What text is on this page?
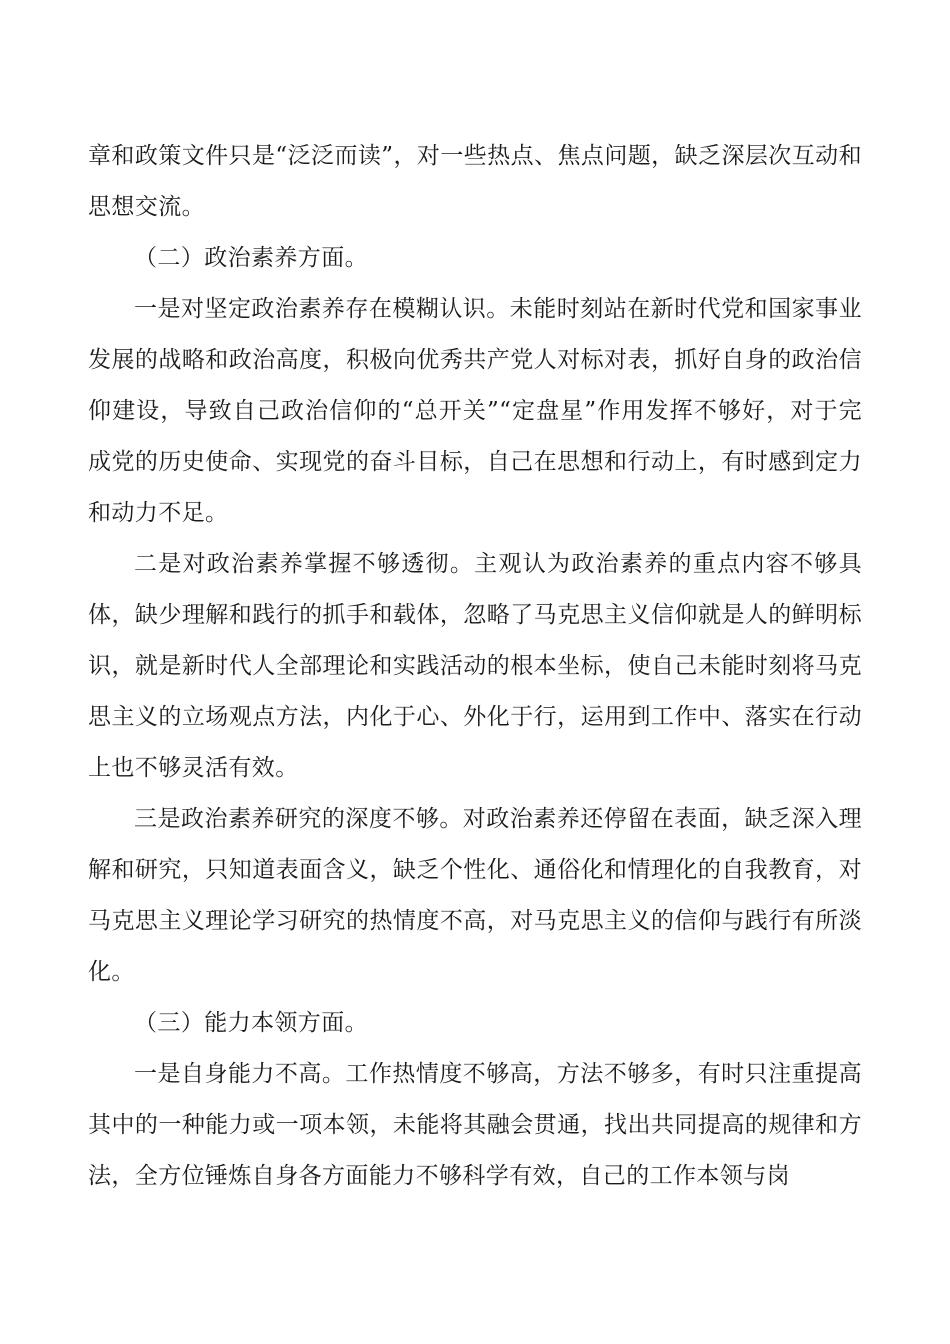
章和政策文件只是“泛泛而读”，对一些热点、焦点问题，缺乏深层次互动和思想交流。

（二）政治素养方面。

一是对坚定政治素养存在模糊认识。未能时刻站在新时代党和国家事业发展的战略和政治高度，积极向优秀共产党人对标对表，抓好自身的政治信仰建设，导致自己政治信仰的“总开关”“定盘星”作用发挥不够好，对于完成党的历史使命、实现党的奋斗目标，自己在思想和行动上，有时感到定力和动力不足。

二是对政治素养掌握不够透彻。主观认为政治素养的重点内容不够具体，缺少理解和践行的抓手和载体，忽略了马克思主义信仰就是人的鲜明标识，就是新时代人全部理论和实践活动的根本坐标，使自己未能时刻将马克思主义的立场观点方法，内化于心、外化于行，运用到工作中、落实在行动上也不够灵活有效。

三是政治素养研究的深度不够。对政治素养还停留在表面，缺乏深入理解和研究，只知道表面含义，缺乏个性化、通俗化和情理化的自我教育，对马克思主义理论学习研究的热情度不高，对马克思主义的信仰与践行有所淡化。

（三）能力本领方面。

一是自身能力不高。工作热情度不够高，方法不够多，有时只注重提高其中的一种能力或一项本领，未能将其融会贯通，找出共同提高的规律和方法，全方位锤炼自身各方面能力不够科学有效，自己的工作本领与岗
